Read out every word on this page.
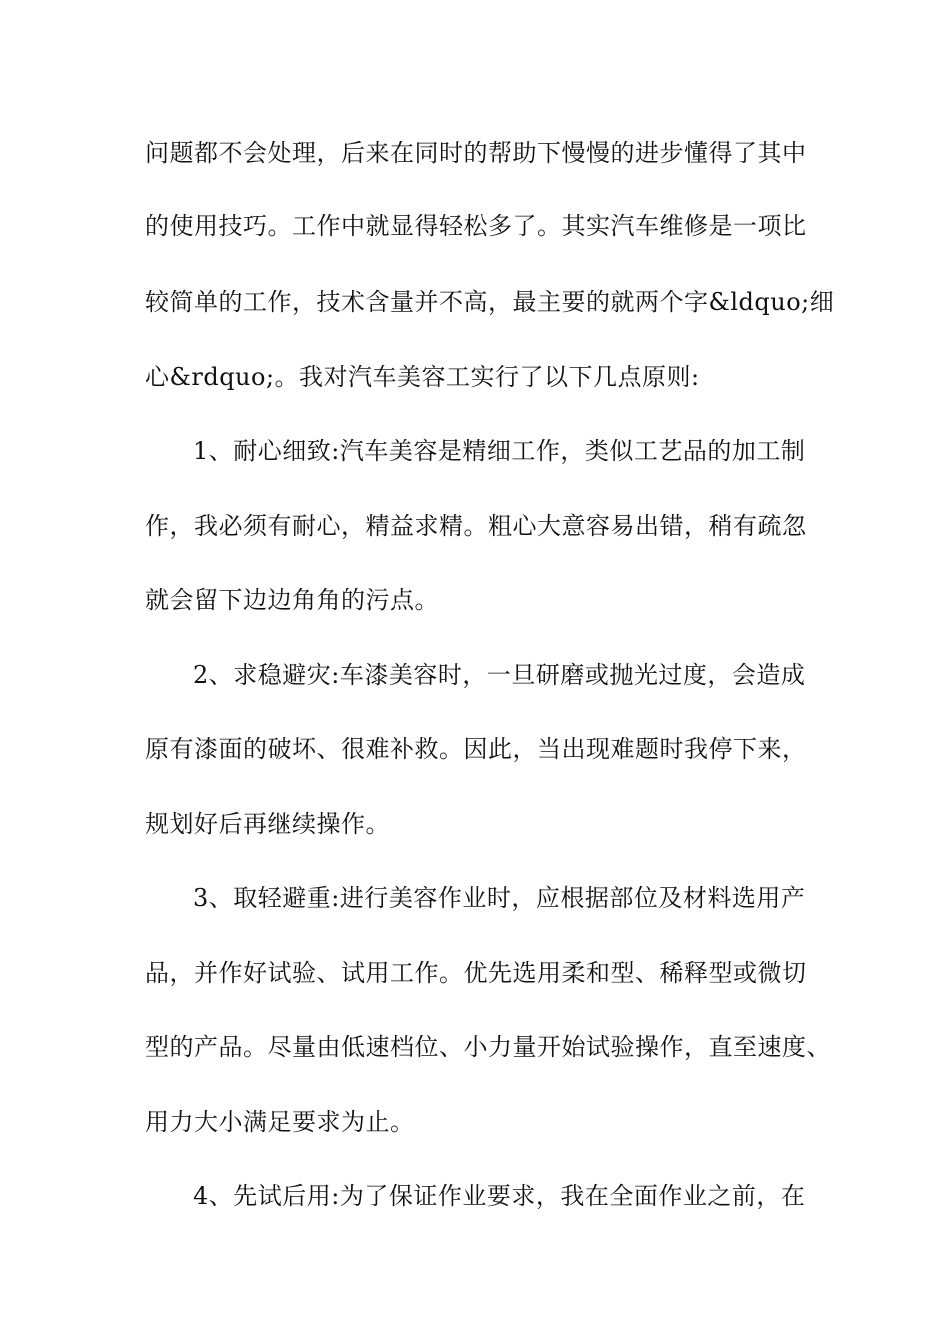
问题都不会处理，后来在同时的帮助下慢慢的进步懂得了其中
的使用技巧。工作中就显得轻松多了。其实汽车维修是一项比
较简单的工作，技术含量并不高，最主要的就两个字&ldquo;细
心&rdquo;。我对汽车美容工实行了以下几点原则:
1、耐心细致:汽车美容是精细工作，类似工艺品的加工制
作，我必须有耐心，精益求精。粗心大意容易出错，稍有疏忽
就会留下边边角角的污点。
2、求稳避灾:车漆美容时，一旦研磨或抛光过度，会造成
原有漆面的破坏、很难补救。因此，当出现难题时我停下来，
规划好后再继续操作。
3、取轻避重:进行美容作业时，应根据部位及材料选用产
品，并作好试验、试用工作。优先选用柔和型、稀释型或微切
型的产品。尽量由低速档位、小力量开始试验操作，直至速度、
用力大小满足要求为止。
4、先试后用:为了保证作业要求，我在全面作业之前，在
